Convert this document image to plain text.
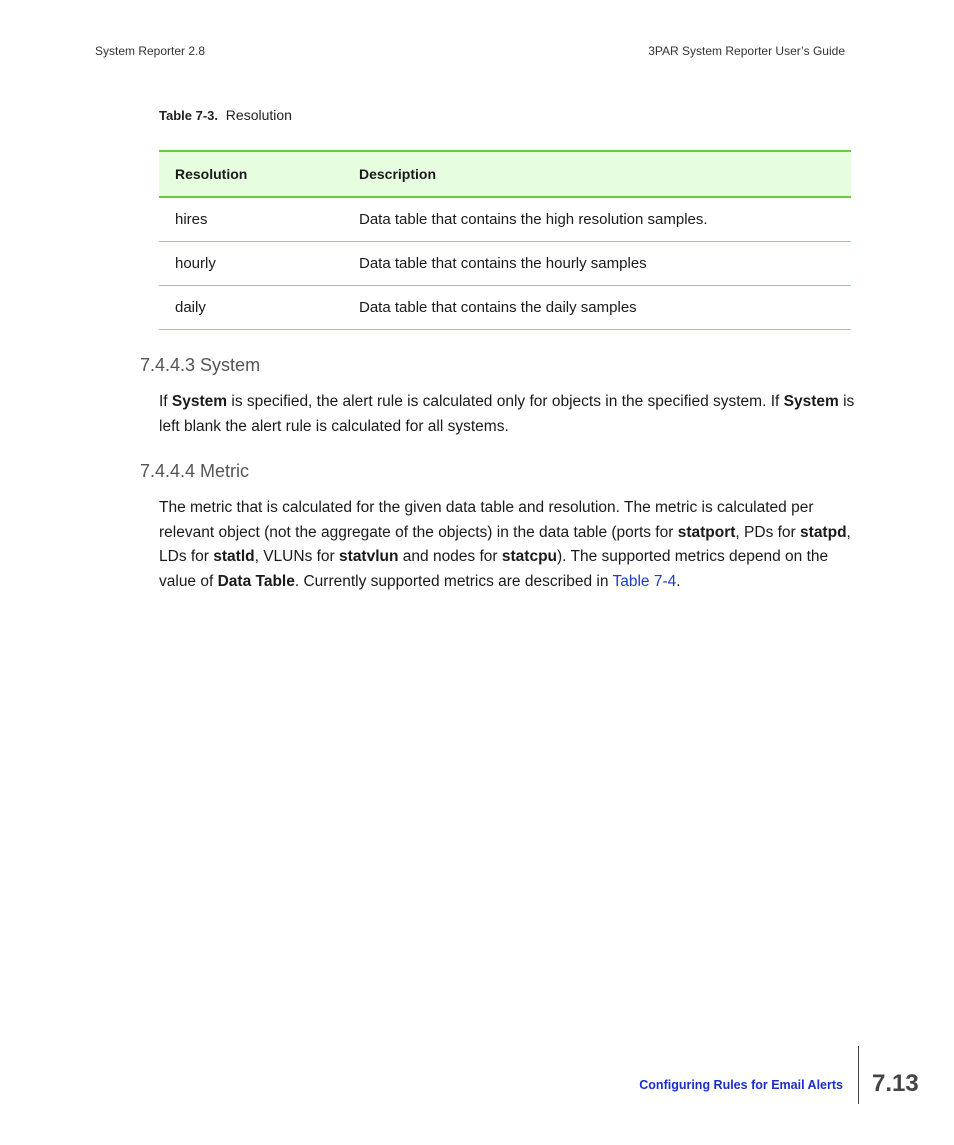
System Reporter 2.8	3PAR System Reporter User’s Guide
Table 7-3. Resolution
Resolution	Description
hires	Data table that contains the high resolution samples.
hourly	Data table that contains the hourly samples
daily	Data table that contains the daily samples
7.4.4.3 System

If System is specified, the alert rule is calculated only for objects in the specified system. If System is left blank the alert rule is calculated for all systems.

7.4.4.4 Metric

The metric that is calculated for the given data table and resolution. The metric is calculated per relevant object (not the aggregate of the objects) in the data table (ports for statport, PDs for statpd, LDs for statld, VLUNs for statvlun and nodes for statcpu). The supported metrics depend on the value of Data Table. Currently supported metrics are described in Table 7-4.

Configuring Rules for Email Alerts 7.13
